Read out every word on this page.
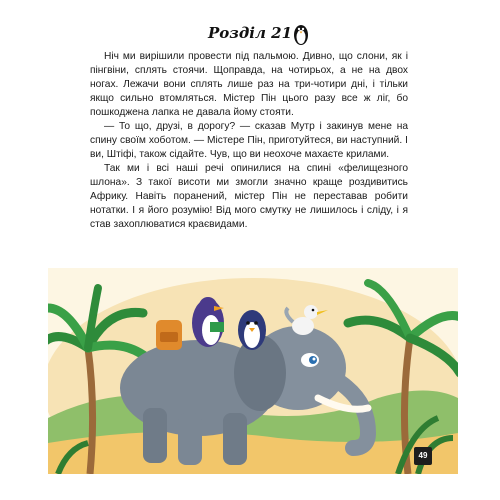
Розділ 21

Ніч ми вирішили провести під пальмою. Дивно, що слони, як і пінгвіни, сплять стоячи. Щоправда, на чотирьох, а не на двох ногах. Лежачи вони сплять лише раз на три-чотири дні, і тільки якщо сильно втомляться. Містер Пін цього разу все ж ліг, бо пошкоджена лапка не давала йому стояти.

— То що, друзі, в дорогу? — сказав Мутр і закинув мене на спину своїм хоботом. — Містере Пін, приготуйтеся, ви наступний. І ви, Штіфі, також сідайте. Чув, що ви неохоче махаєте крилами.

Так ми і всі наші речі опинилися на спині «фелищезного шлона». З такої висоти ми змогли значно краще роздивитись Африку. Навіть поранений, містер Пін не переставав робити нотатки. І я його розумію! Від мого смутку не лишилось і сліду, і я став захоплюватися краєвидами.

49
